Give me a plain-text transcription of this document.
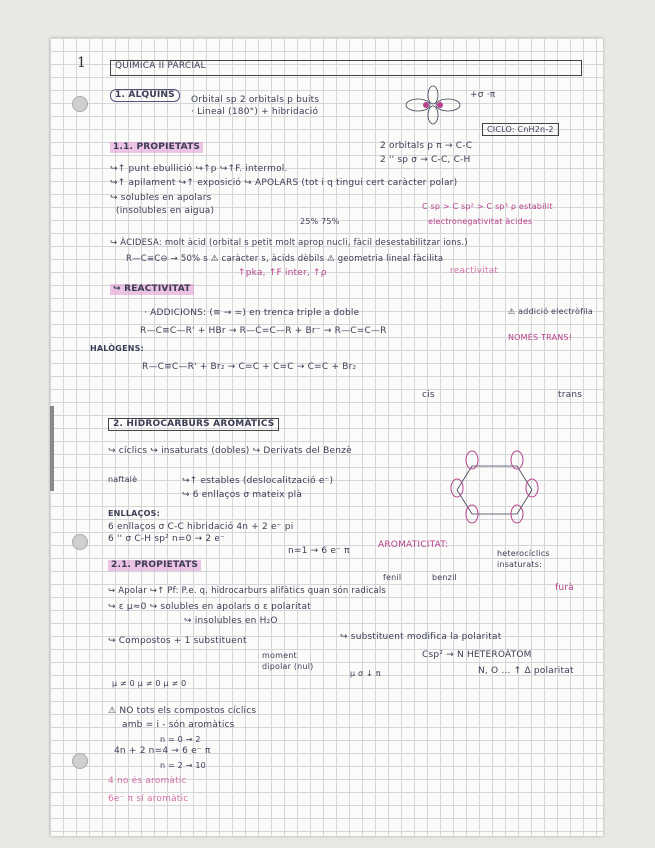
1	QUÍMICA II PARCIAL
1. ALQUINS	Orbital sp 2 orbitals p buits
· Lineal (180°) + hibridació
+σ ·π
CICLO: CnH2n-2
2 orbitals p π → C-C
2 '' sp σ → C-C, C-H
1.1. PROPIETATS
↪↑ punt ebullició ↪↑p ↪↑F. intermol.
↪↑ apilament ↪↑ exposició ↪ APOLARS (tot i q tingui cert caràcter polar)
↪ solubles en apolars
(insolubles en aigua)
25% 75%
C sp > C sp² > C sp³ ρ estabilit
electronegativitat àcides
↪ ÀCIDESA: molt àcid (orbital s petit molt aprop nucli, fàcil desestabilitzar ions.)
R—C≡C⊖ → 50% s ⚠ caràcter s, àcids dèbils ⚠ geometria lineal fàcilita
↑pka, ↑F inter, ↑ρ	reactivitat
↪ REACTIVITAT
· ADDICIONS: (≡ → =) en trenca triple a doble	⚠ addició electròfila
NOMÉS TRANS!
R—C≡C—R' + HBr → R—Ċ=C—R + Br⁻ → R—C=C—R
HALÒGENS:
R—C≡C—R' + Br₂ → C=C + C=C → C=C + Br₂
cis	trans
2. HIDROCARBURS AROMÀTICS
↪ cíclics ↪ insaturats (dobles) ↪ Derivats del Benzè
naftalè	↪↑ estables (deslocalització e⁻)
↪ 6 enllaços σ mateix plà
ENLLAÇOS:
6 enllaços σ C-C hibridació 4n + 2 e⁻ pi
6 '' σ C-H sp² n=0 → 2 e⁻
n=1 → 6 e⁻ π
AROMATICITAT:
heterocíclics insaturats:
furà
fenil	benzil
2.1. PROPIETATS
↪ Apolar ↪↑ Pf: P.e. q. hidrocarburs alifàtics quan són radicals
↪ ε μ≈0 ↪ solubles en apolars o ε polaritat
↪ insolubles en H₂O
↪ Compostos + 1 substituent	↪ substituent modifica la polaritat
moment dipolar (nul)
μ ≠ 0 μ ≠ 0 μ ≠ 0
Csp² → N HETEROÀTOM
N, O ... ↑ Δ polaritat
μ σ ↓ π
⚠ NO tots els compostos cíclics
amb = i - són aromàtics
n = 0 → 2
4n + 2 n=4 → 6 e⁻ π
n = 2 → 10
4 no és aromàtic
6e⁻ π sí aromàtic
